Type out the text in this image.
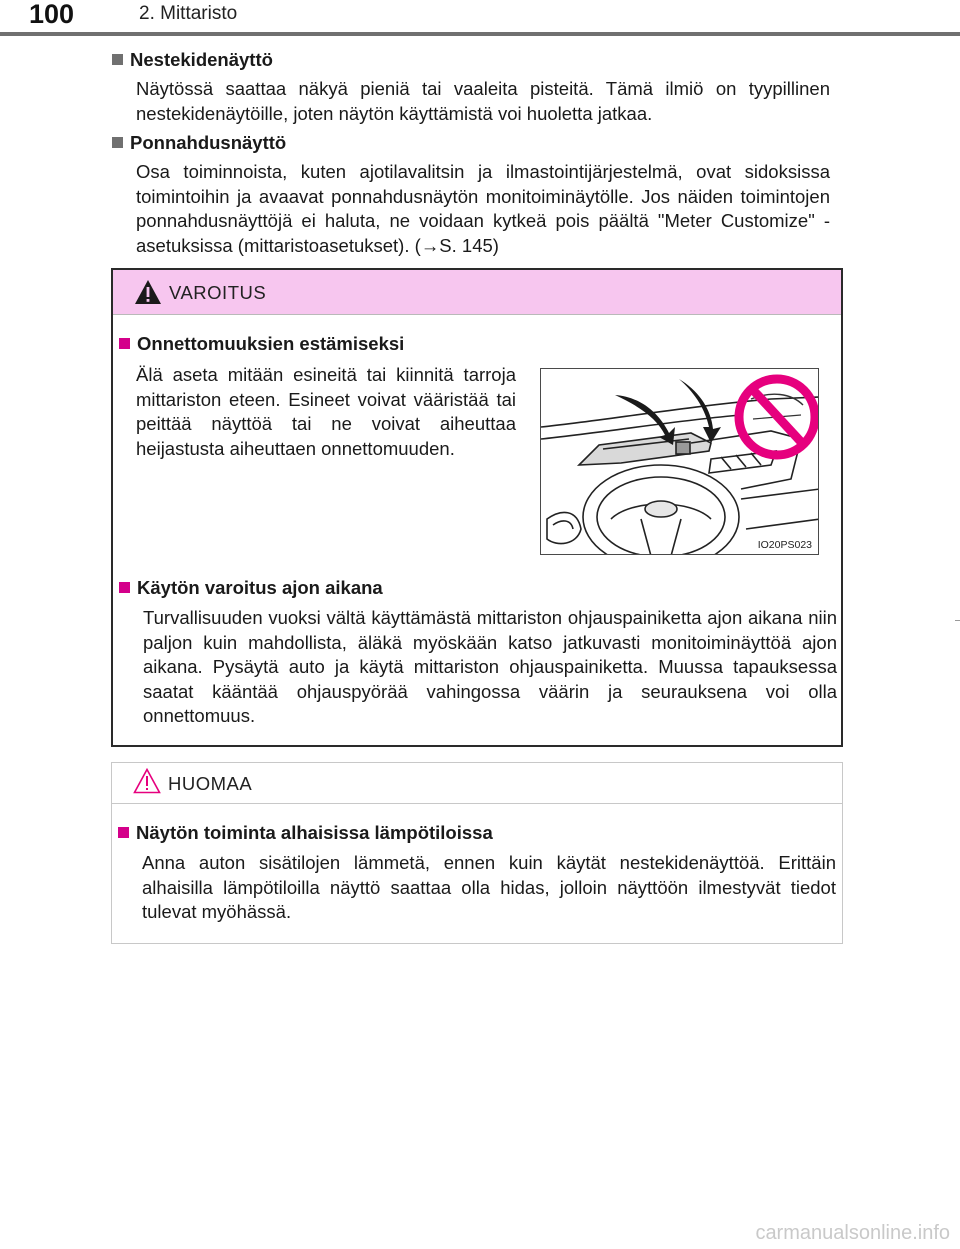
100	2. Mittaristo
Nestekidenäyttö
Näytössä saattaa näkyä pieniä tai vaaleita pisteitä. Tämä ilmiö on tyypillinen nestekidenäytöille, joten näytön käyttämistä voi huoletta jatkaa.
Ponnahdusnäyttö
Osa toiminnoista, kuten ajotilavalitsin ja ilmastointijärjestelmä, ovat sidoksissa toimintoihin ja avaavat ponnahdusnäytön monitoiminäytölle. Jos näiden toimintojen ponnahdusnäyttöjä ei haluta, ne voidaan kytkeä pois päältä "Meter Customize" -asetuksissa (mittaristoasetukset). (→S. 145)
VAROITUS
Onnettomuuksien estämiseksi
Käytön varoitus ajon aikana
Turvallisuuden vuoksi vältä käyttämästä mittariston ohjauspainiketta ajon aikana niin paljon kuin mahdollista, äläkä myöskään katso jatkuvasti monitoiminäyttöä ajon aikana. Pysäytä auto ja käytä mittariston ohjauspainiketta. Muussa tapauksessa saatat kääntää ohjauspyörää vahingossa väärin ja seurauksena voi olla onnettomuus.
Älä aseta mitään esineitä tai kiinnitä tarroja mittariston eteen. Esineet voivat vääristää tai peittää näyttöä tai ne voivat aiheuttaa heijastusta aiheuttaen onnettomuuden.
IO20PS023
HUOMAA
Näytön toiminta alhaisissa lämpötiloissa
Anna auton sisätilojen lämmetä, ennen kuin käytät nestekidenäyttöä. Erittäin alhaisilla lämpötiloilla näyttö saattaa olla hidas, jolloin näyttöön ilmestyvät tiedot tulevat myöhässä.
carmanualsonline.info
